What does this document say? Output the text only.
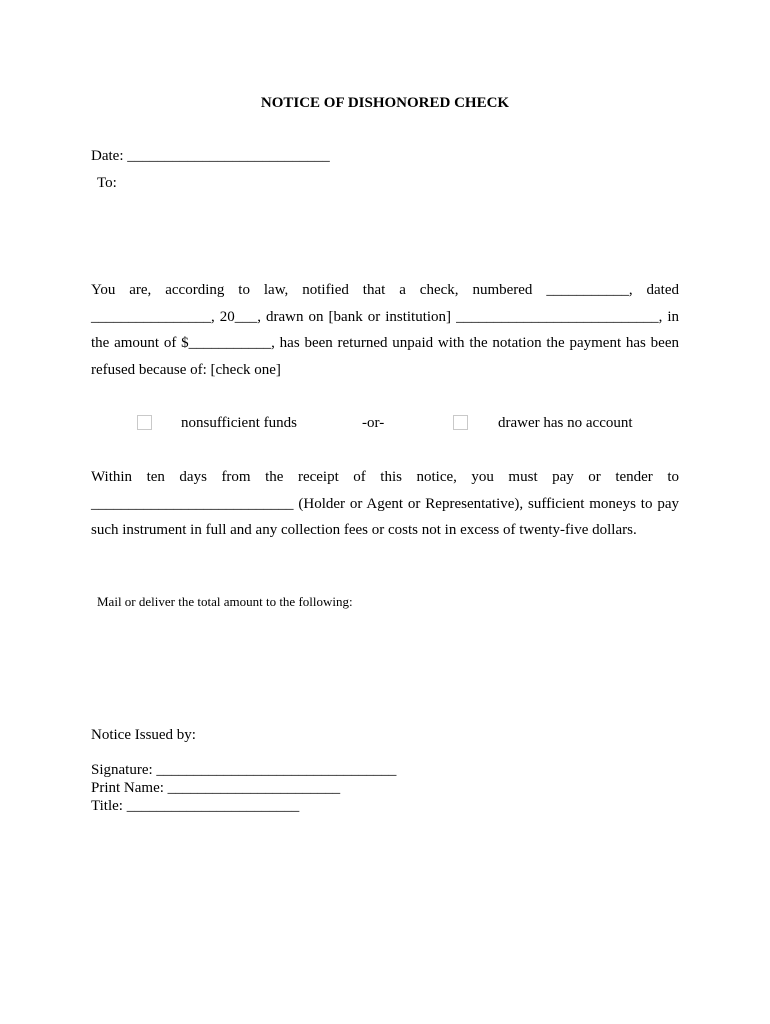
NOTICE OF DISHONORED CHECK
Date: ___________________________
To:
You are, according to law, notified that a check, numbered ___________, dated
________________, 20___, drawn on [bank or institution] ___________________________, in
the amount of $___________, has been returned unpaid with the notation the payment has been
refused because of: [check one]
nonsufficient funds	-or-	drawer has no account
Within ten days from the receipt of this notice, you must pay or tender to
___________________________ (Holder or Agent or Representative), sufficient moneys to pay
such instrument in full and any collection fees or costs not in excess of twenty-five dollars.
Mail or deliver the total amount to the following:
Notice Issued by:
Signature: ________________________________
Print Name: _______________________
Title: _______________________
